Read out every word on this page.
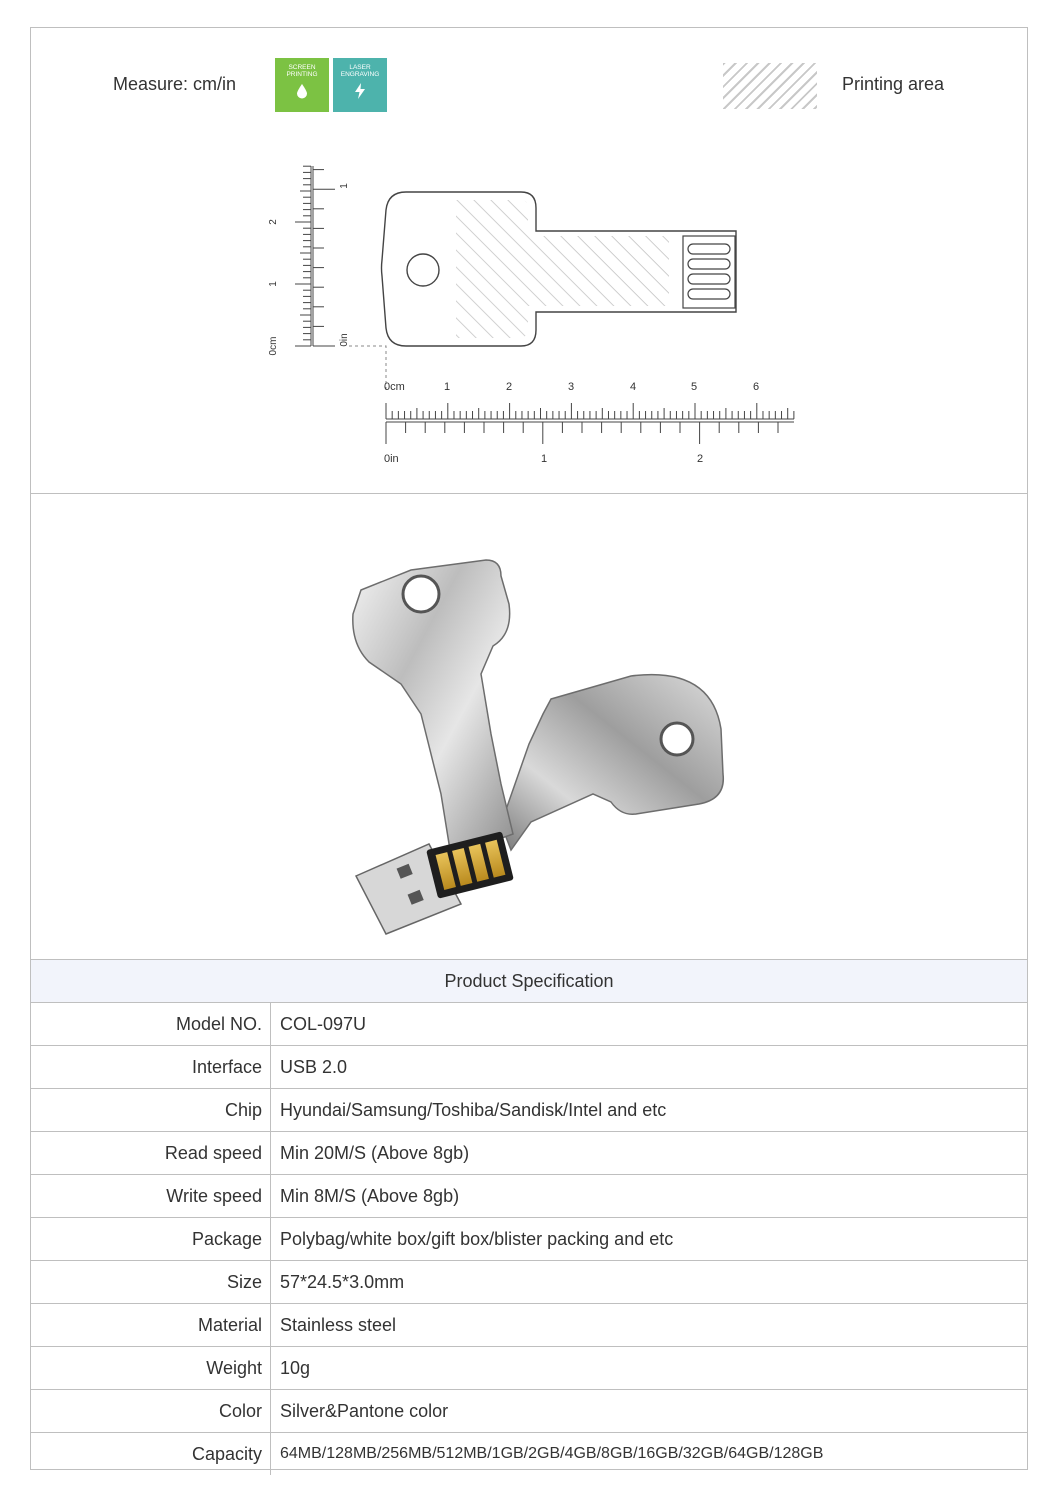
Measure: cm/in
SCREEN
PRINTING
LASER
ENGRAVING	Printing area
0cm
1
2
0in
1
0cm	1	2	3	4	5	6
0in	1	2
Product Specification
Model NO.	COL-097U
Interface	USB 2.0
Chip	Hyundai/Samsung/Toshiba/Sandisk/Intel and etc
Read speed	Min 20M/S (Above 8gb)
Write speed	Min 8M/S (Above 8gb)
Package	Polybag/white box/gift box/blister packing and etc
Size	57*24.5*3.0mm
Material	Stainless steel
Weight	10g
Color	Silver&Pantone color
Capacity	64MB/128MB/256MB/512MB/1GB/2GB/4GB/8GB/16GB/32GB/64GB/128GB
